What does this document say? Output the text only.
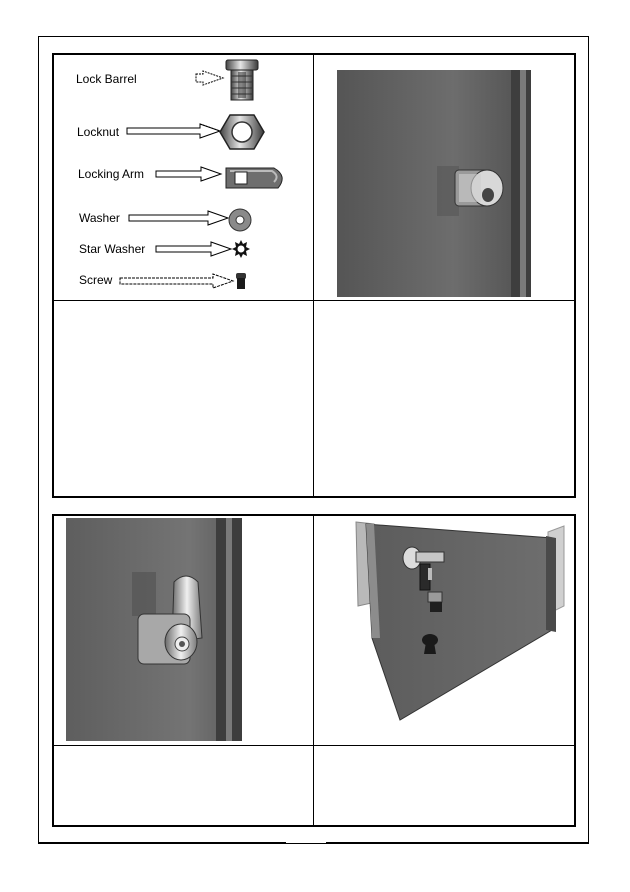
Lock Barrel
Locknut
Locking Arm
Washer
Star Washer
Screw
